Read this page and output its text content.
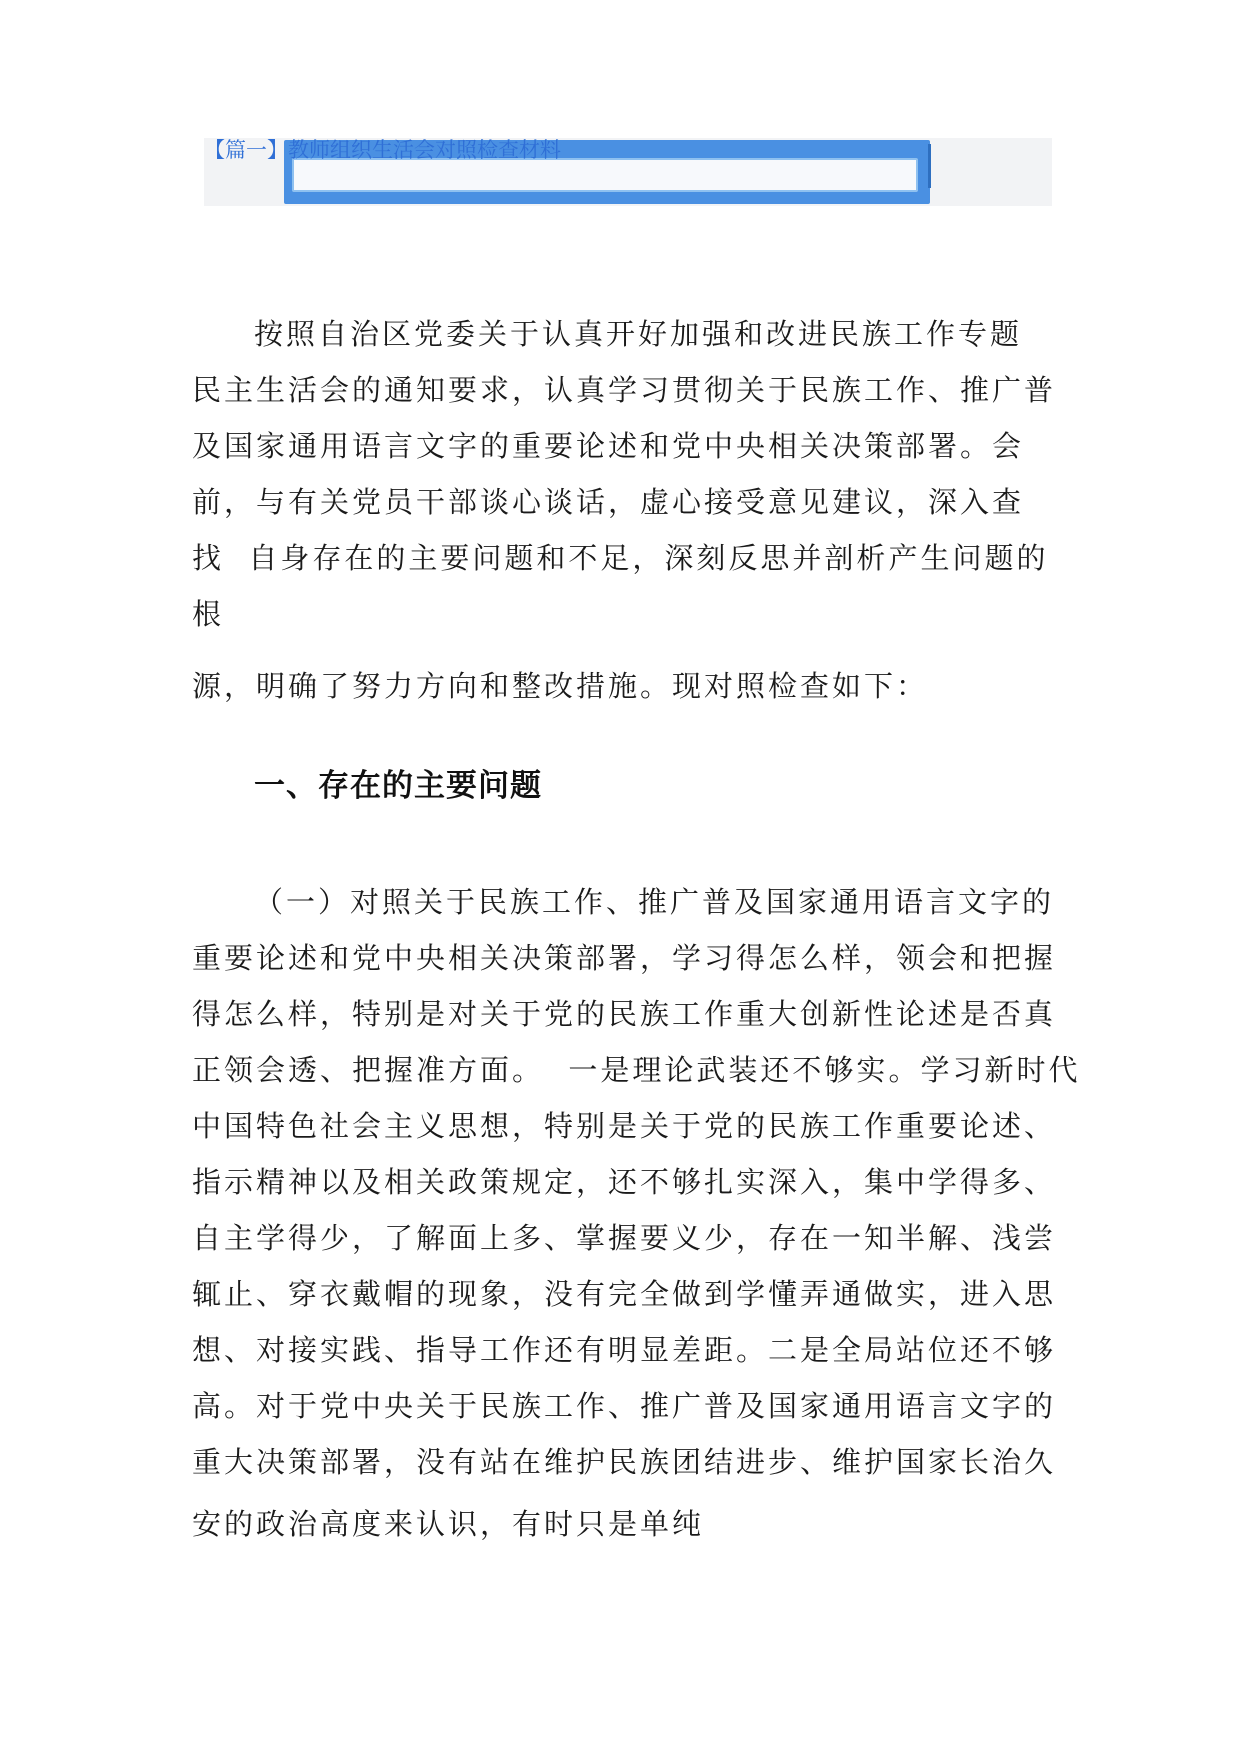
【篇一】教师组织生活会对照检查材料
按照自治区党委关于认真开好加强和改进民族工作专题
民主生活会的通知要求，认真学习贯彻关于民族工作、推广普
及国家通用语言文字的重要论述和党中央相关决策部署。会
前，与有关党员干部谈心谈话，虚心接受意见建议，深入查
找  自身存在的主要问题和不足，深刻反思并剖析产生问题的
根
源，明确了努力方向和整改措施。现对照检查如下：
一、存在的主要问题
（一）对照关于民族工作、推广普及国家通用语言文字的
重要论述和党中央相关决策部署，学习得怎么样，领会和把握
得怎么样，特别是对关于党的民族工作重大创新性论述是否真
正领会透、把握准方面。  一是理论武装还不够实。学习新时代
中国特色社会主义思想，特别是关于党的民族工作重要论述、
指示精神以及相关政策规定，还不够扎实深入，集中学得多、
自主学得少，了解面上多、掌握要义少，存在一知半解、浅尝
辄止、穿衣戴帽的现象，没有完全做到学懂弄通做实，进入思
想、对接实践、指导工作还有明显差距。二是全局站位还不够
高。对于党中央关于民族工作、推广普及国家通用语言文字的
重大决策部署，没有站在维护民族团结进步、维护国家长治久
安的政治高度来认识，有时只是单纯
